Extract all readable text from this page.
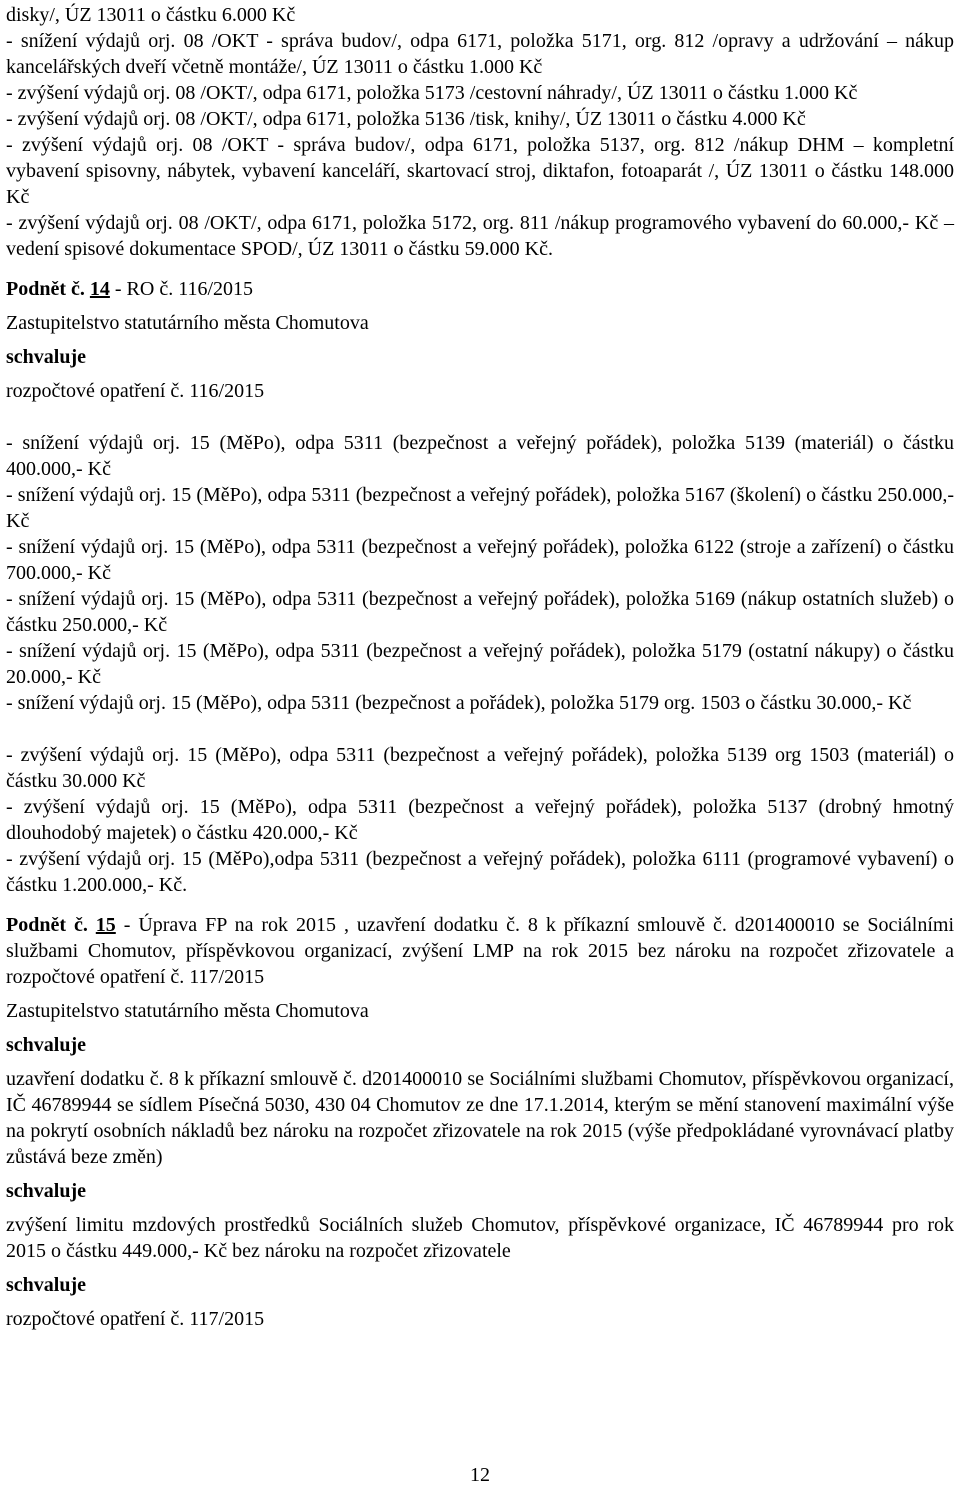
disky/, ÚZ 13011 o částku 6.000 Kč

- snížení výdajů orj. 08 /OKT - správa budov/, odpa 6171, položka 5171, org. 812 /opravy a udržování – nákup kancelářských dveří včetně montáže/, ÚZ 13011 o částku 1.000 Kč

- zvýšení výdajů orj. 08 /OKT/, odpa 6171, položka 5173 /cestovní náhrady/, ÚZ 13011 o částku 1.000 Kč

- zvýšení výdajů orj. 08 /OKT/, odpa 6171, položka 5136 /tisk, knihy/, ÚZ 13011 o částku 4.000 Kč

- zvýšení výdajů orj. 08 /OKT - správa budov/, odpa 6171, položka 5137, org. 812 /nákup DHM – kompletní vybavení spisovny, nábytek, vybavení kanceláří, skartovací stroj, diktafon, fotoaparát /, ÚZ 13011 o částku 148.000 Kč

- zvýšení výdajů orj. 08 /OKT/, odpa 6171, položka 5172, org. 811 /nákup programového vybavení do 60.000,- Kč – vedení spisové dokumentace SPOD/, ÚZ 13011 o částku 59.000 Kč.

Podnět č. 14 - RO č. 116/2015

Zastupitelstvo statutárního města Chomutova

schvaluje

rozpočtové opatření č. 116/2015

- snížení výdajů orj. 15 (MěPo), odpa 5311 (bezpečnost a veřejný pořádek), položka 5139 (materiál) o částku 400.000,- Kč

- snížení výdajů orj. 15 (MěPo), odpa 5311 (bezpečnost a veřejný pořádek), položka 5167 (školení) o částku 250.000,- Kč

- snížení výdajů orj. 15 (MěPo), odpa 5311 (bezpečnost a veřejný pořádek), položka 6122 (stroje a zařízení) o částku 700.000,- Kč

- snížení výdajů orj. 15 (MěPo), odpa 5311 (bezpečnost a veřejný pořádek), položka 5169 (nákup ostatních služeb) o částku 250.000,- Kč

- snížení výdajů orj. 15 (MěPo), odpa 5311 (bezpečnost a veřejný pořádek), položka 5179 (ostatní nákupy) o částku 20.000,- Kč

- snížení výdajů orj. 15 (MěPo), odpa 5311 (bezpečnost a pořádek), položka 5179 org. 1503 o částku 30.000,- Kč

- zvýšení výdajů orj. 15 (MěPo), odpa 5311 (bezpečnost a veřejný pořádek), položka 5139 org 1503 (materiál) o částku 30.000 Kč

- zvýšení výdajů orj. 15 (MěPo), odpa 5311 (bezpečnost a veřejný pořádek), položka 5137 (drobný hmotný dlouhodobý majetek) o částku 420.000,- Kč

- zvýšení výdajů orj. 15 (MěPo),odpa 5311 (bezpečnost a veřejný pořádek), položka 6111 (programové vybavení) o částku 1.200.000,- Kč.

Podnět č. 15 - Úprava FP na rok 2015 , uzavření dodatku č. 8 k příkazní smlouvě č. d201400010 se Sociálními službami Chomutov, příspěvkovou organizací, zvýšení LMP na rok 2015 bez nároku na rozpočet zřizovatele a rozpočtové opatření č. 117/2015

Zastupitelstvo statutárního města Chomutova

schvaluje

uzavření dodatku č. 8 k příkazní smlouvě č. d201400010 se Sociálními službami Chomutov, příspěvkovou organizací, IČ 46789944 se sídlem Písečná 5030, 430 04 Chomutov ze dne 17.1.2014, kterým se mění stanovení maximální výše na pokrytí osobních nákladů bez nároku na rozpočet zřizovatele na rok 2015 (výše předpokládané vyrovnávací platby zůstává beze změn)

schvaluje

zvýšení limitu mzdových prostředků Sociálních služeb Chomutov, příspěvkové organizace, IČ 46789944 pro rok 2015 o částku 449.000,- Kč bez nároku na rozpočet zřizovatele

schvaluje

rozpočtové opatření č. 117/2015

12
